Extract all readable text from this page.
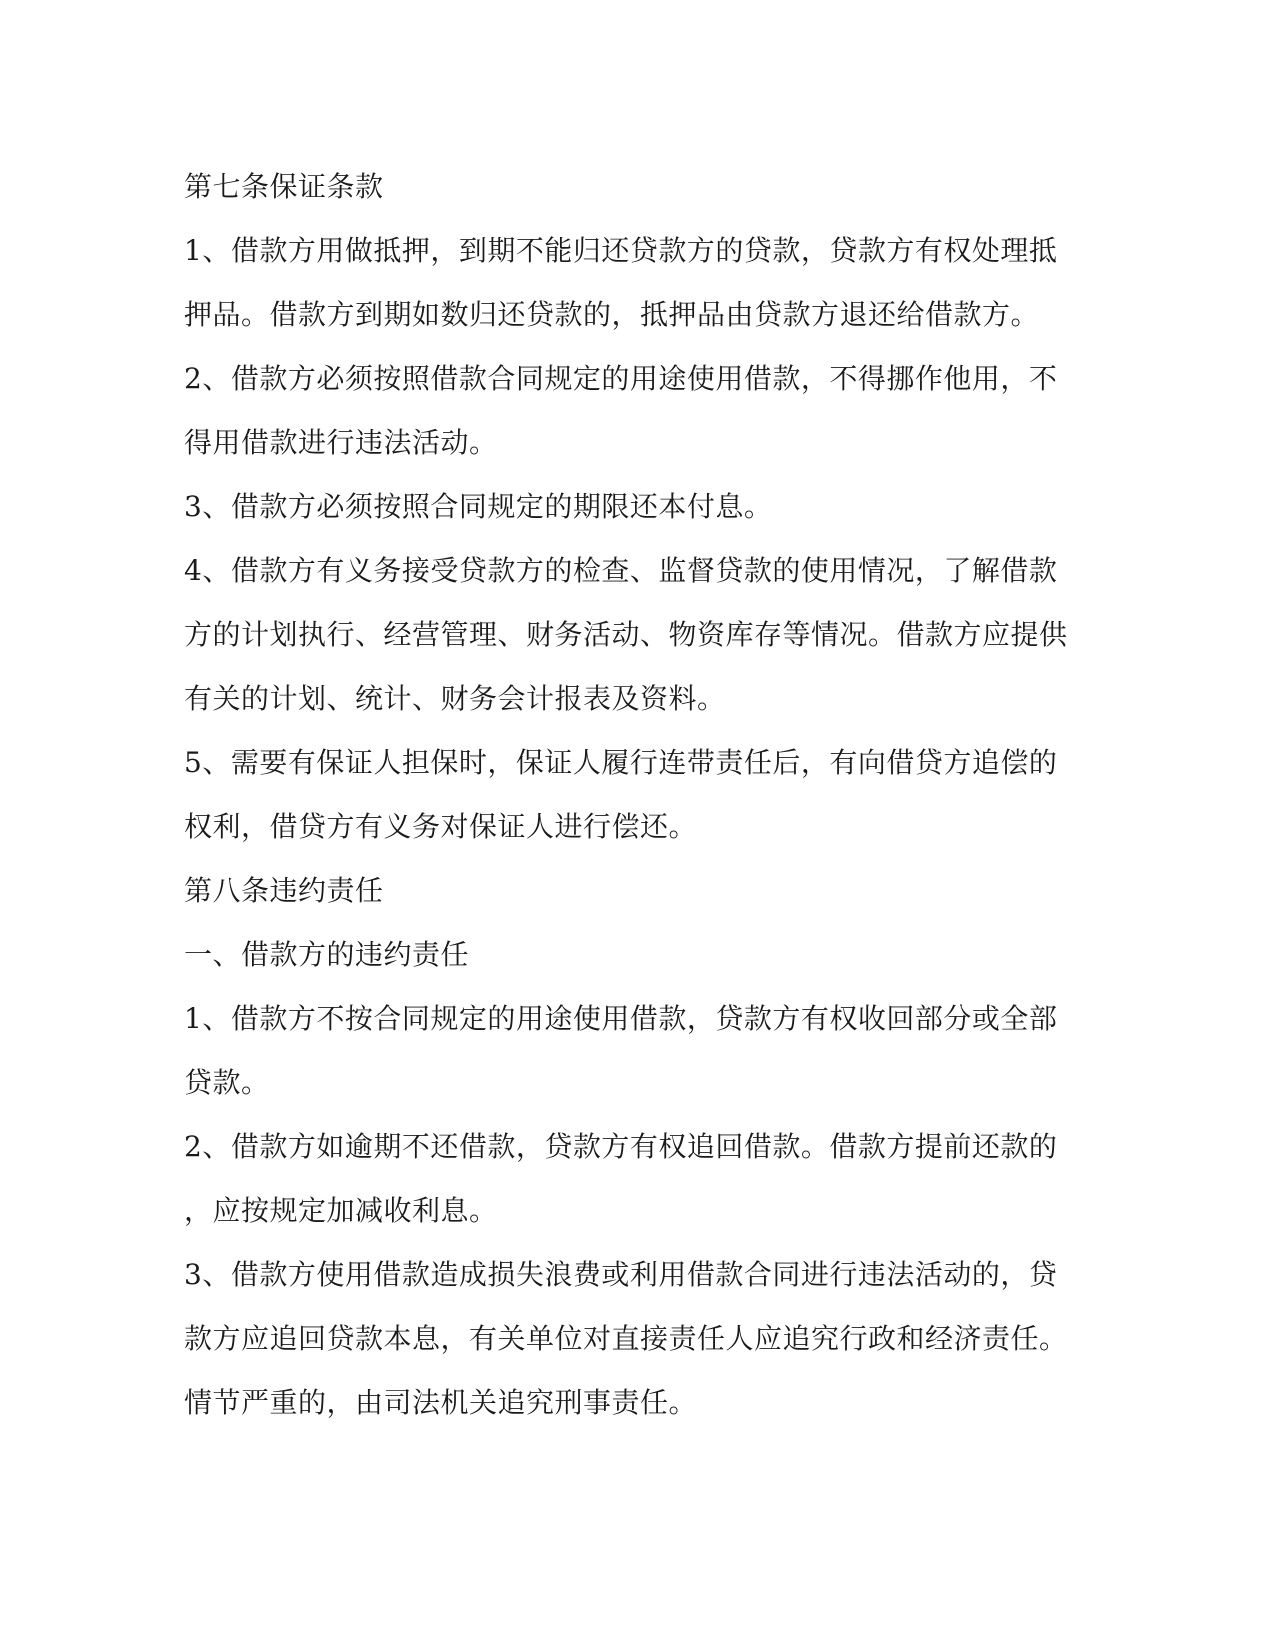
第七条保证条款
1、借款方用做抵押，到期不能归还贷款方的贷款，贷款方有权处理抵
押品。借款方到期如数归还贷款的，抵押品由贷款方退还给借款方。
2、借款方必须按照借款合同规定的用途使用借款，不得挪作他用，不
得用借款进行违法活动。
3、借款方必须按照合同规定的期限还本付息。
4、借款方有义务接受贷款方的检查、监督贷款的使用情况，了解借款
方的计划执行、经营管理、财务活动、物资库存等情况。借款方应提供
有关的计划、统计、财务会计报表及资料。
5、需要有保证人担保时，保证人履行连带责任后，有向借贷方追偿的
权利，借贷方有义务对保证人进行偿还。
第八条违约责任
一、借款方的违约责任
1、借款方不按合同规定的用途使用借款，贷款方有权收回部分或全部
贷款。
2、借款方如逾期不还借款，贷款方有权追回借款。借款方提前还款的
，应按规定加减收利息。
3、借款方使用借款造成损失浪费或利用借款合同进行违法活动的，贷
款方应追回贷款本息，有关单位对直接责任人应追究行政和经济责任。
情节严重的，由司法机关追究刑事责任。
